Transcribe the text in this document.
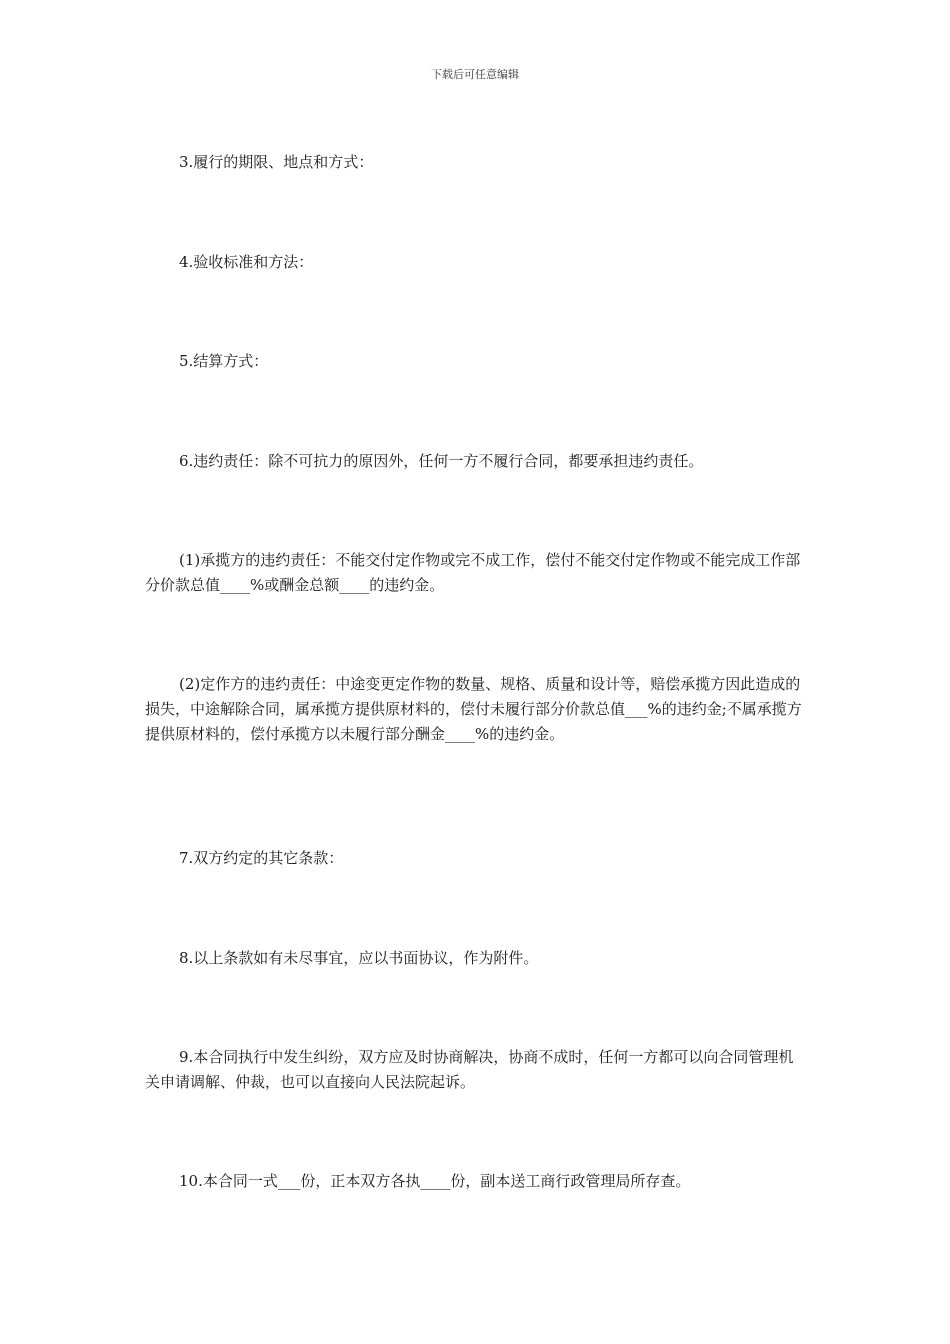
下载后可任意编辑

3.履行的期限、地点和方式：

4.验收标准和方法：

5.结算方式：

6.违约责任：除不可抗力的原因外，任何一方不履行合同，都要承担违约责任。

(1)承揽方的违约责任：不能交付定作物或完不成工作，偿付不能交付定作物或不能完成工作部分价款总值____%或酬金总额____的违约金。

(2)定作方的违约责任：中途变更定作物的数量、规格、质量和设计等，赔偿承揽方因此造成的损失，中途解除合同，属承揽方提供原材料的，偿付未履行部分价款总值___%的违约金;不属承揽方提供原材料的，偿付承揽方以未履行部分酬金____%的违约金。

7.双方约定的其它条款：

8.以上条款如有未尽事宜，应以书面协议，作为附件。

9.本合同执行中发生纠纷，双方应及时协商解决，协商不成时，任何一方都可以向合同管理机关申请调解、仲裁，也可以直接向人民法院起诉。

10.本合同一式___份，正本双方各执____份，副本送工商行政管理局所存查。
